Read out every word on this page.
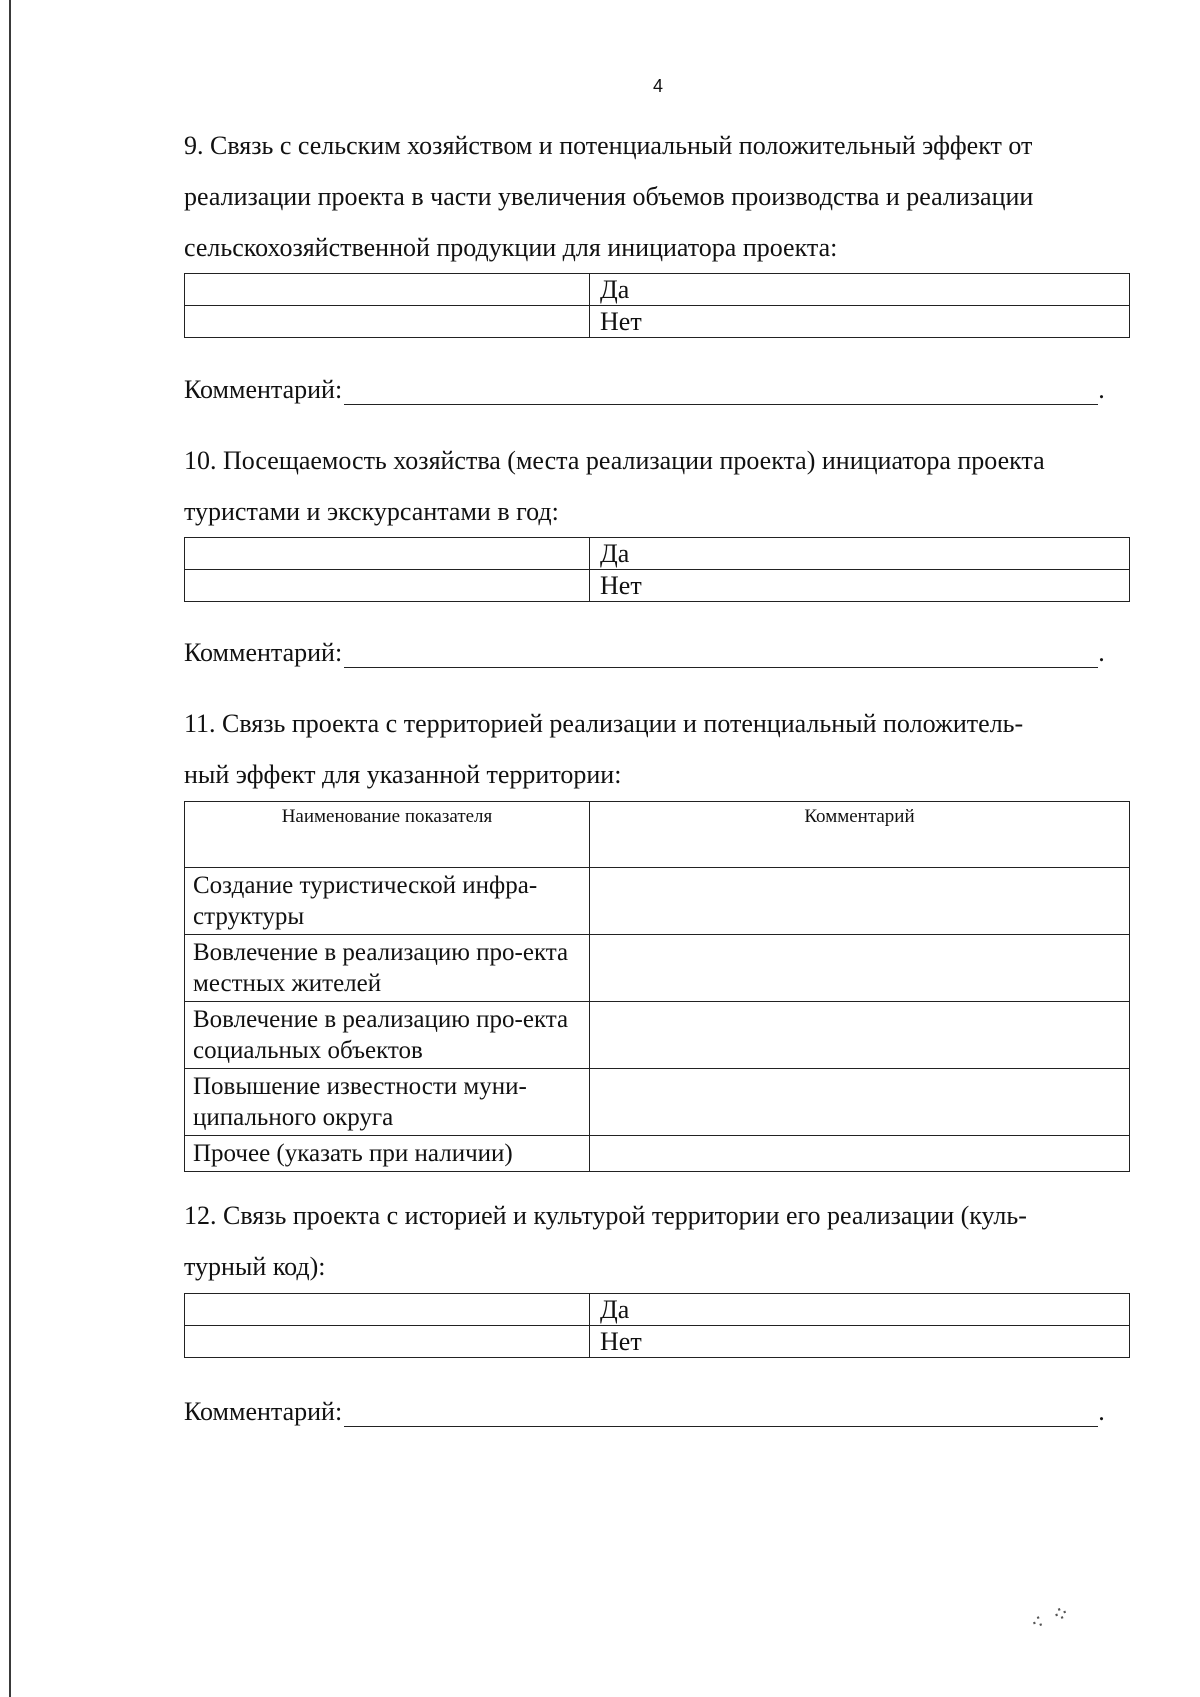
4

9. Связь с сельским хозяйством и потенциальный положительный эффект от
реализации проекта в части увеличения объемов производства и реализации
сельскохозяйственной продукции для инициатора проекта:

	Да
	Нет
Комментарий:	.

10. Посещаемость хозяйства (места реализации проекта) инициатора проекта
туристами и экскурсантами в год:

	Да
	Нет
Комментарий:	.

11. Связь проекта с территорией реализации и потенциальный положитель-
ный эффект для указанной территории:

Наименование показателя	Комментарий
Создание туристической инфра-структуры	
Вовлечение в реализацию про-екта местных жителей	
Вовлечение в реализацию про-екта социальных объектов	
Повышение известности муни-ципального округа	
Прочее (указать при наличии)	

12. Связь проекта с историей и культурой территории его реализации (куль-
турный код):

	Да
	Нет
Комментарий:	.
⁖ ⁘
